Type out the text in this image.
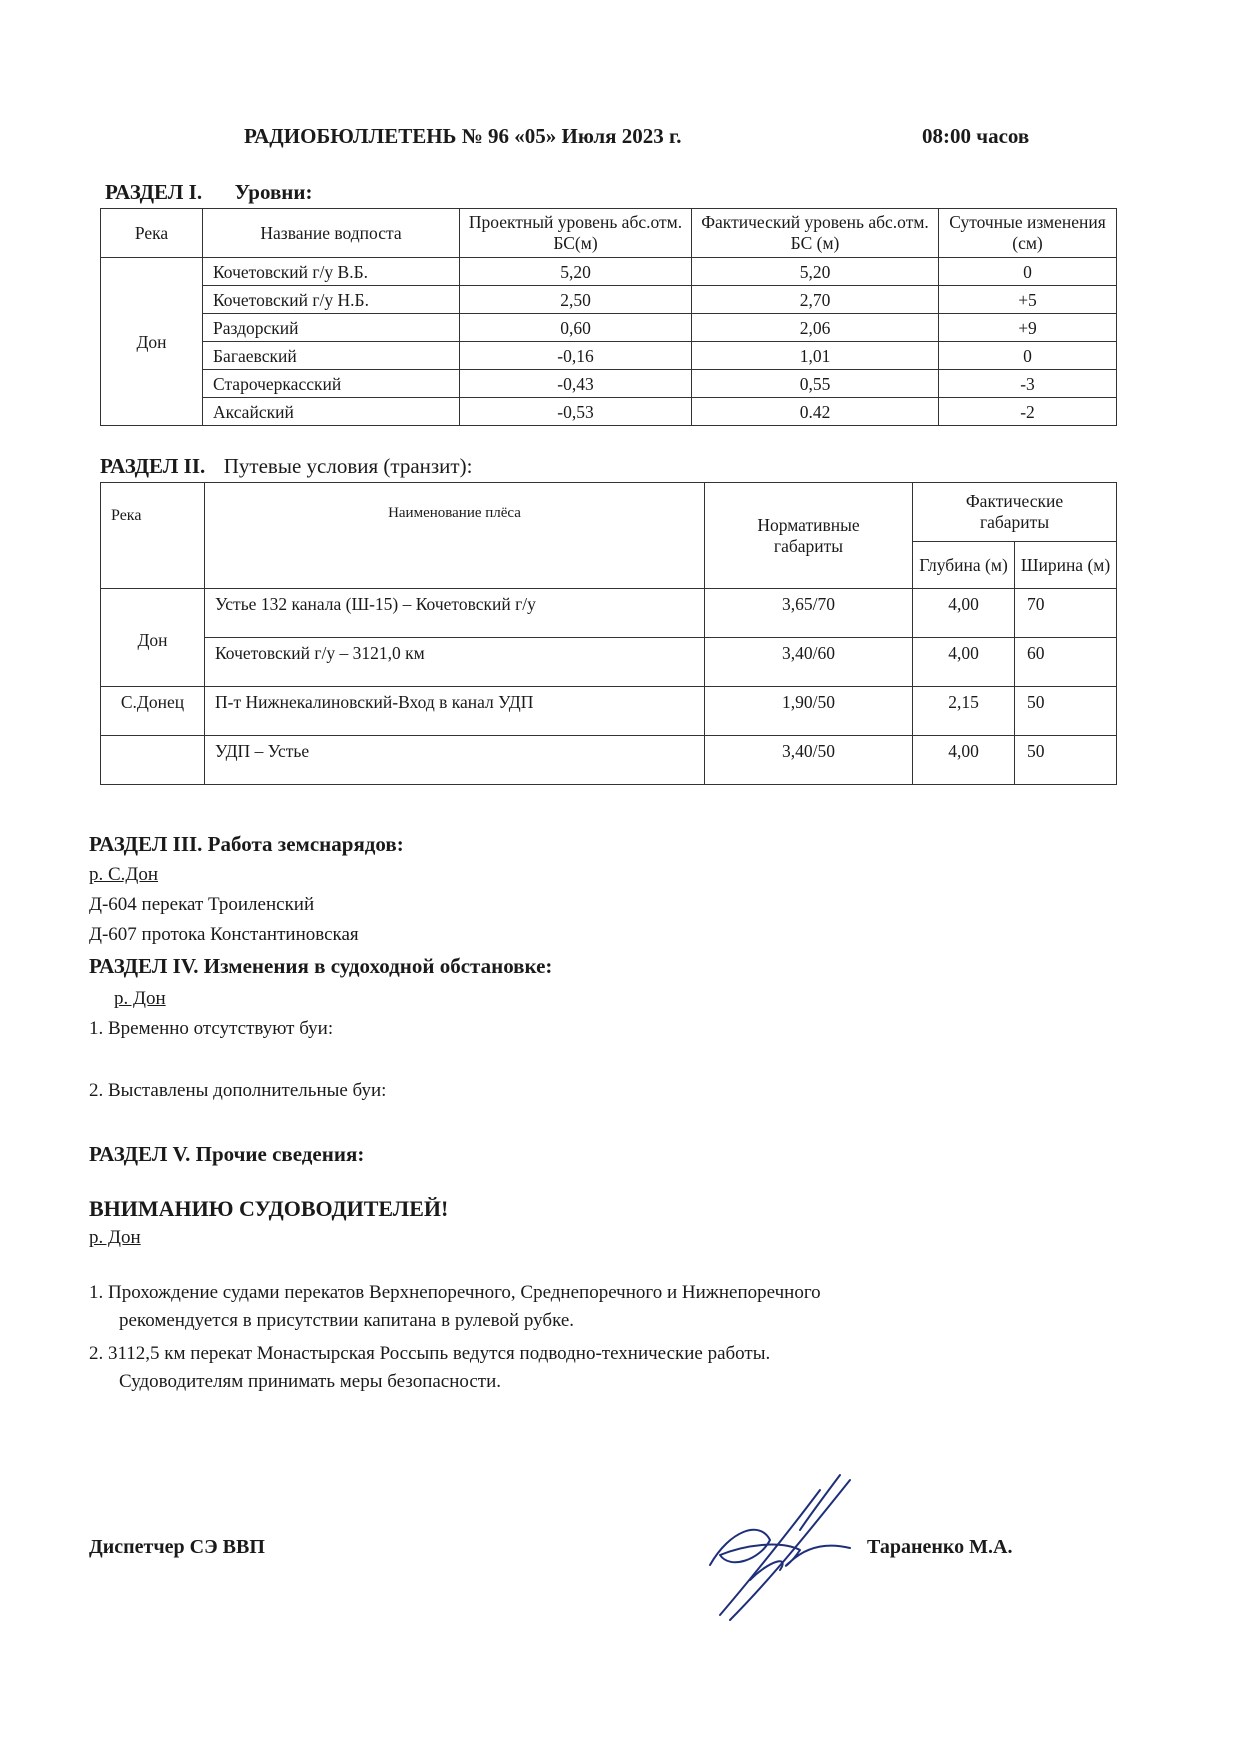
РАДИОБЮЛЛЕТЕНЬ № 96 «05» Июля 2023 г.	08:00 часов
РАЗДЕЛ I. Уровни:
Река	Название водпоста	Проектный уровень абс.отм. БС(м)	Фактический уровень абс.отм. БС (м)	Суточные изменения (см)
Дон	Кочетовский г/у В.Б.	5,20	5,20	0
	Кочетовский г/у Н.Б.	2,50	2,70	+5
	Раздорский	0,60	2,06	+9
	Багаевский	-0,16	1,01	0
	Старочеркасский	-0,43	0,55	-3
	Аксайский	-0,53	0.42	-2
РАЗДЕЛ II. Путевые условия (транзит):
Река	Наименование плёса	Нормативные габариты	Фактические габариты	
			Глубина (м)	Ширина (м)
Дон	Устье 132 канала (Ш-15) – Кочетовский г/у	3,65/70	4,00	70
	Кочетовский г/у – 3121,0 км	3,40/60	4,00	60
С.Донец	П-т Нижнекалиновский-Вход в канал УДП	1,90/50	2,15	50
	УДП – Устье	3,40/50	4,00	50
РАЗДЕЛ III. Работа земснарядов:
р. С.Дон
Д-604 перекат Троиленский
Д-607 протока Константиновская
РАЗДЕЛ IV. Изменения в судоходной обстановке:
р. Дон
1. Временно отсутствуют буи:
2. Выставлены дополнительные буи:
РАЗДЕЛ V. Прочие сведения:
ВНИМАНИЮ СУДОВОДИТЕЛЕЙ!
р. Дон
1. Прохождение судами перекатов Верхнепоречного, Среднепоречного и Нижнепоречного
рекомендуется в присутствии капитана в рулевой рубке.
2. 3112,5 км перекат Монастырская Россыпь ведутся подводно-технические работы.
Судоводителям принимать меры безопасности.
Диспетчер СЭ ВВП	Тараненко М.А.
